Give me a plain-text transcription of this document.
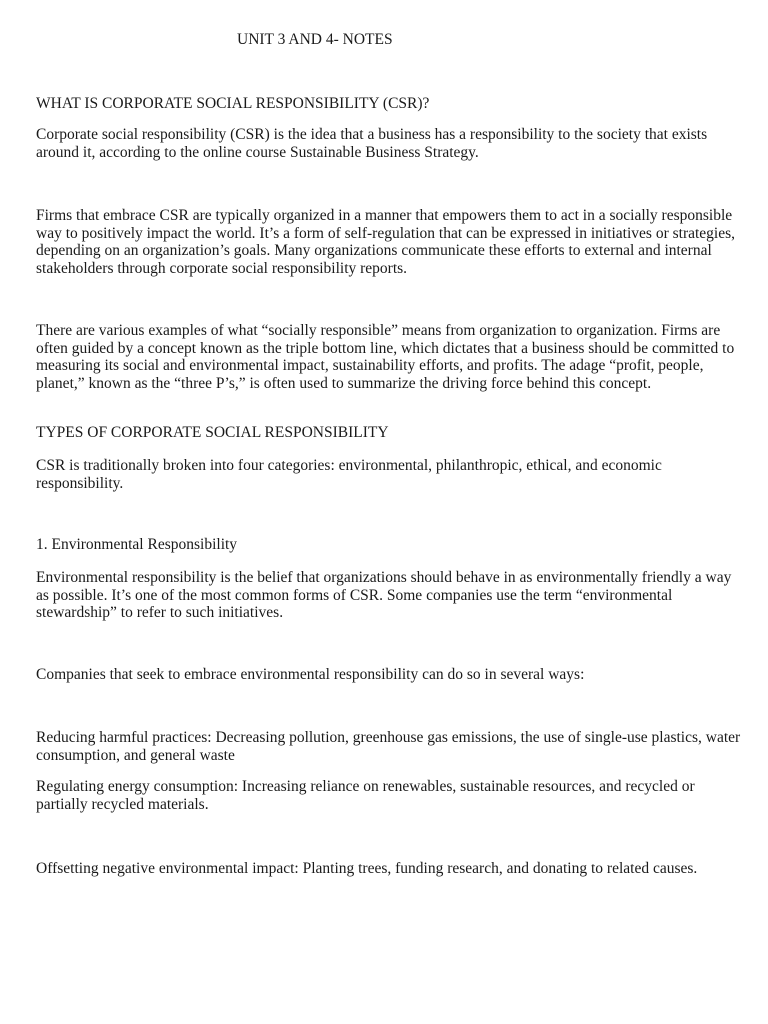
UNIT 3 AND 4- NOTES

WHAT IS CORPORATE SOCIAL RESPONSIBILITY (CSR)?

Corporate social responsibility (CSR) is the idea that a business has a responsibility to the society that exists around it, according to the online course Sustainable Business Strategy.

Firms that embrace CSR are typically organized in a manner that empowers them to act in a socially responsible way to positively impact the world. It’s a form of self-regulation that can be expressed in initiatives or strategies, depending on an organization’s goals. Many organizations communicate these efforts to external and internal stakeholders through corporate social responsibility reports.

There are various examples of what “socially responsible” means from organization to organization. Firms are often guided by a concept known as the triple bottom line, which dictates that a business should be committed to measuring its social and environmental impact, sustainability efforts, and profits. The adage “profit, people, planet,” known as the “three P’s,” is often used to summarize the driving force behind this concept.

TYPES OF CORPORATE SOCIAL RESPONSIBILITY

CSR is traditionally broken into four categories: environmental, philanthropic, ethical, and economic responsibility.

1. Environmental Responsibility

Environmental responsibility is the belief that organizations should behave in as environmentally friendly a way as possible. It’s one of the most common forms of CSR. Some companies use the term “environmental stewardship” to refer to such initiatives.

Companies that seek to embrace environmental responsibility can do so in several ways:

Reducing harmful practices: Decreasing pollution, greenhouse gas emissions, the use of single-use plastics, water consumption, and general waste

Regulating energy consumption: Increasing reliance on renewables, sustainable resources, and recycled or partially recycled materials.

Offsetting negative environmental impact: Planting trees, funding research, and donating to related causes.
